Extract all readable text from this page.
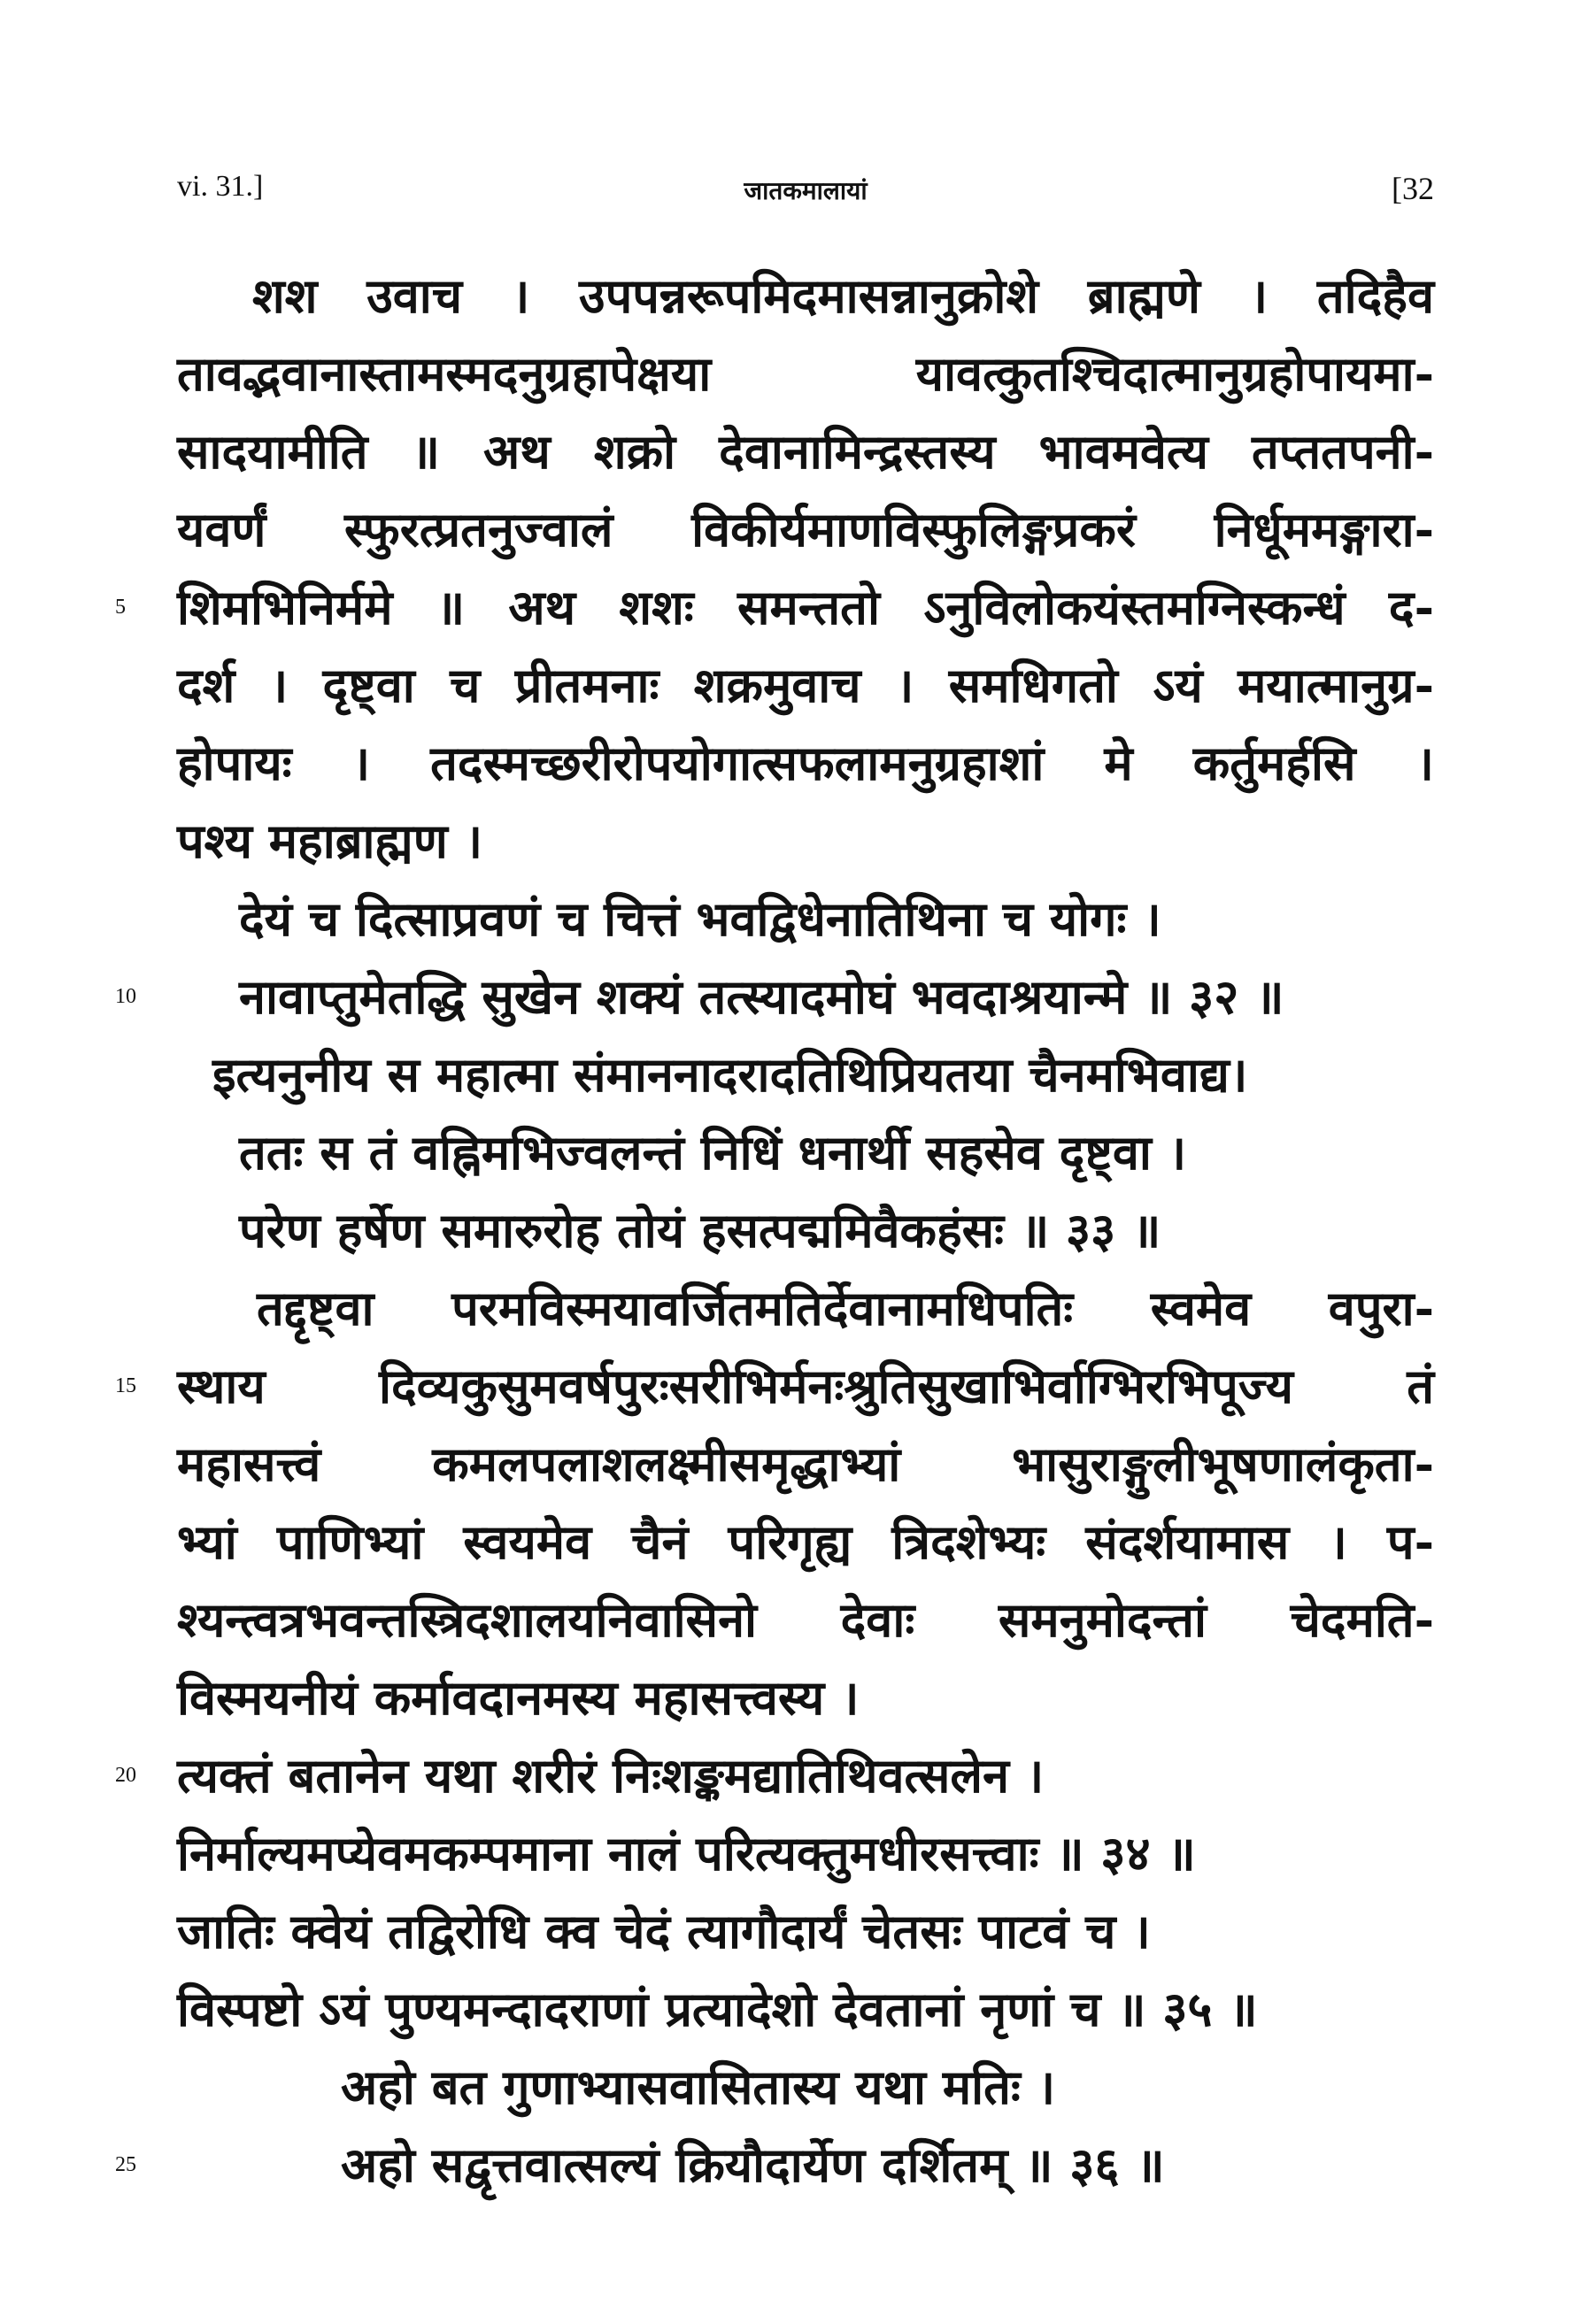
vi. 31.]	जातकमालायां	[32
शश उवाच । उपपन्नरूपमिदमासन्नानुक्रोशे ब्राह्मणे । तदिहैव
तावद्भवानास्तामस्मदनुग्रहापेक्षया यावत्कुतश्चिदात्मानुग्रहोपायमा-
सादयामीति ॥ अथ शक्रो देवानामिन्द्रस्तस्य भावमवेत्य तप्ततपनी-
यवर्णं स्फुरत्प्रतनुज्वालं विकीर्यमाणविस्फुलिङ्गप्रकरं निर्धूममङ्गारा-
5 शिमभिनिर्ममे ॥ अथ शशः समन्ततो ऽनुविलोकयंस्तमग्निस्कन्धं द-
दर्श । दृष्ट्वा च प्रीतमनाः शक्रमुवाच । समधिगतो ऽयं मयात्मानुग्र-
होपायः । तदस्मच्छरीरोपयोगात्सफलामनुग्रहाशां मे कर्तुमर्हसि ।
पश्य महाब्राह्मण ।
देयं च दित्साप्रवणं च चित्तं भवद्विधेनातिथिना च योगः ।
10 नावाप्तुमेतद्धि सुखेन शक्यं तत्स्यादमोघं भवदाश्रयान्मे ॥ ३२ ॥
इत्यनुनीय स महात्मा संमाननादरादतिथिप्रियतया चैनमभिवाद्य।
ततः स तं वह्निमभिज्वलन्तं निधिं धनार्थी सहसेव दृष्ट्वा ।
परेण हर्षेण समारुरोह तोयं हसत्पद्ममिवैकहंसः ॥ ३३ ॥
तद्दृष्ट्वा परमविस्मयावर्जितमतिर्देवानामधिपतिः स्वमेव वपुरा-
15 स्थाय दिव्यकुसुमवर्षपुरःसरीभिर्मनःश्रुतिसुखाभिर्वाग्भिरभिपूज्य तं
महासत्त्वं कमलपलाशलक्ष्मीसमृद्धाभ्यां भासुराङ्गुलीभूषणालंकृता-
भ्यां पाणिभ्यां स्वयमेव चैनं परिगृह्य त्रिदशेभ्यः संदर्शयामास । प-
श्यन्त्वत्रभवन्तस्त्रिदशालयनिवासिनो देवाः समनुमोदन्तां चेदमति-
विस्मयनीयं कर्मावदानमस्य महासत्त्वस्य ।
20 त्यक्तं बतानेन यथा शरीरं निःशङ्कमद्यातिथिवत्सलेन ।
निर्माल्यमप्येवमकम्पमाना नालं परित्यक्तुमधीरसत्त्वाः ॥ ३४ ॥
जातिः क्वेयं तद्विरोधि क्व चेदं त्यागौदार्यं चेतसः पाटवं च ।
विस्पष्टो ऽयं पुण्यमन्दादराणां प्रत्यादेशो देवतानां नृणां च ॥ ३५ ॥
अहो बत गुणाभ्यासवासितास्य यथा मतिः ।
25	अहो सद्वृत्तवात्सल्यं क्रियौदार्येण दर्शितम् ॥ ३६ ॥
